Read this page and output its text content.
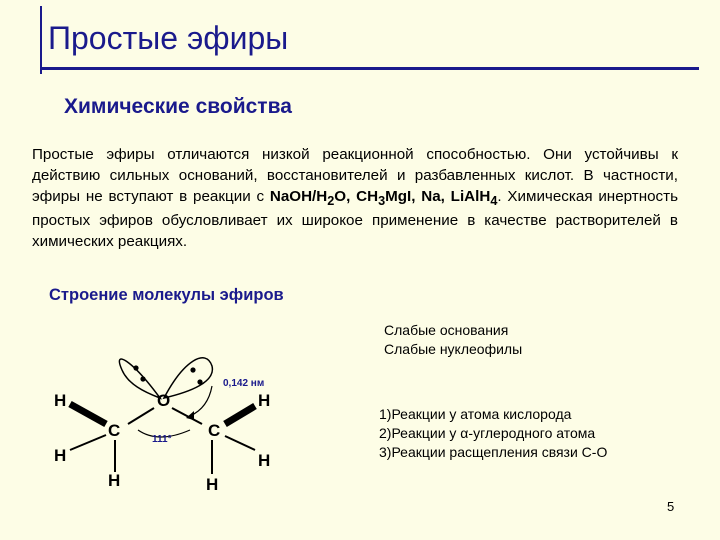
Простые эфиры
Химические свойства
Простые эфиры отличаются низкой реакционной способностью. Они устойчивы к действию сильных оснований, восстановителей и разбавленных кислот. В частности, эфиры не вступают в реакции с NaOH/$H_2O$, $CH_3MgI$, Na, LiAlH$_4$. Химическая инертность простых эфиров обусловливает их широкое применение в качестве растворителей в химических реакциях.
Строение молекулы эфиров
Слабые основания
Слабые нуклеофилы
1)Реакции у атома кислорода
2)Реакции у α-углеродного атома
3)Реакции расщепления связи С-О
H
H
H
C
O
C
H
H
H
0,142 нм
111°
5
